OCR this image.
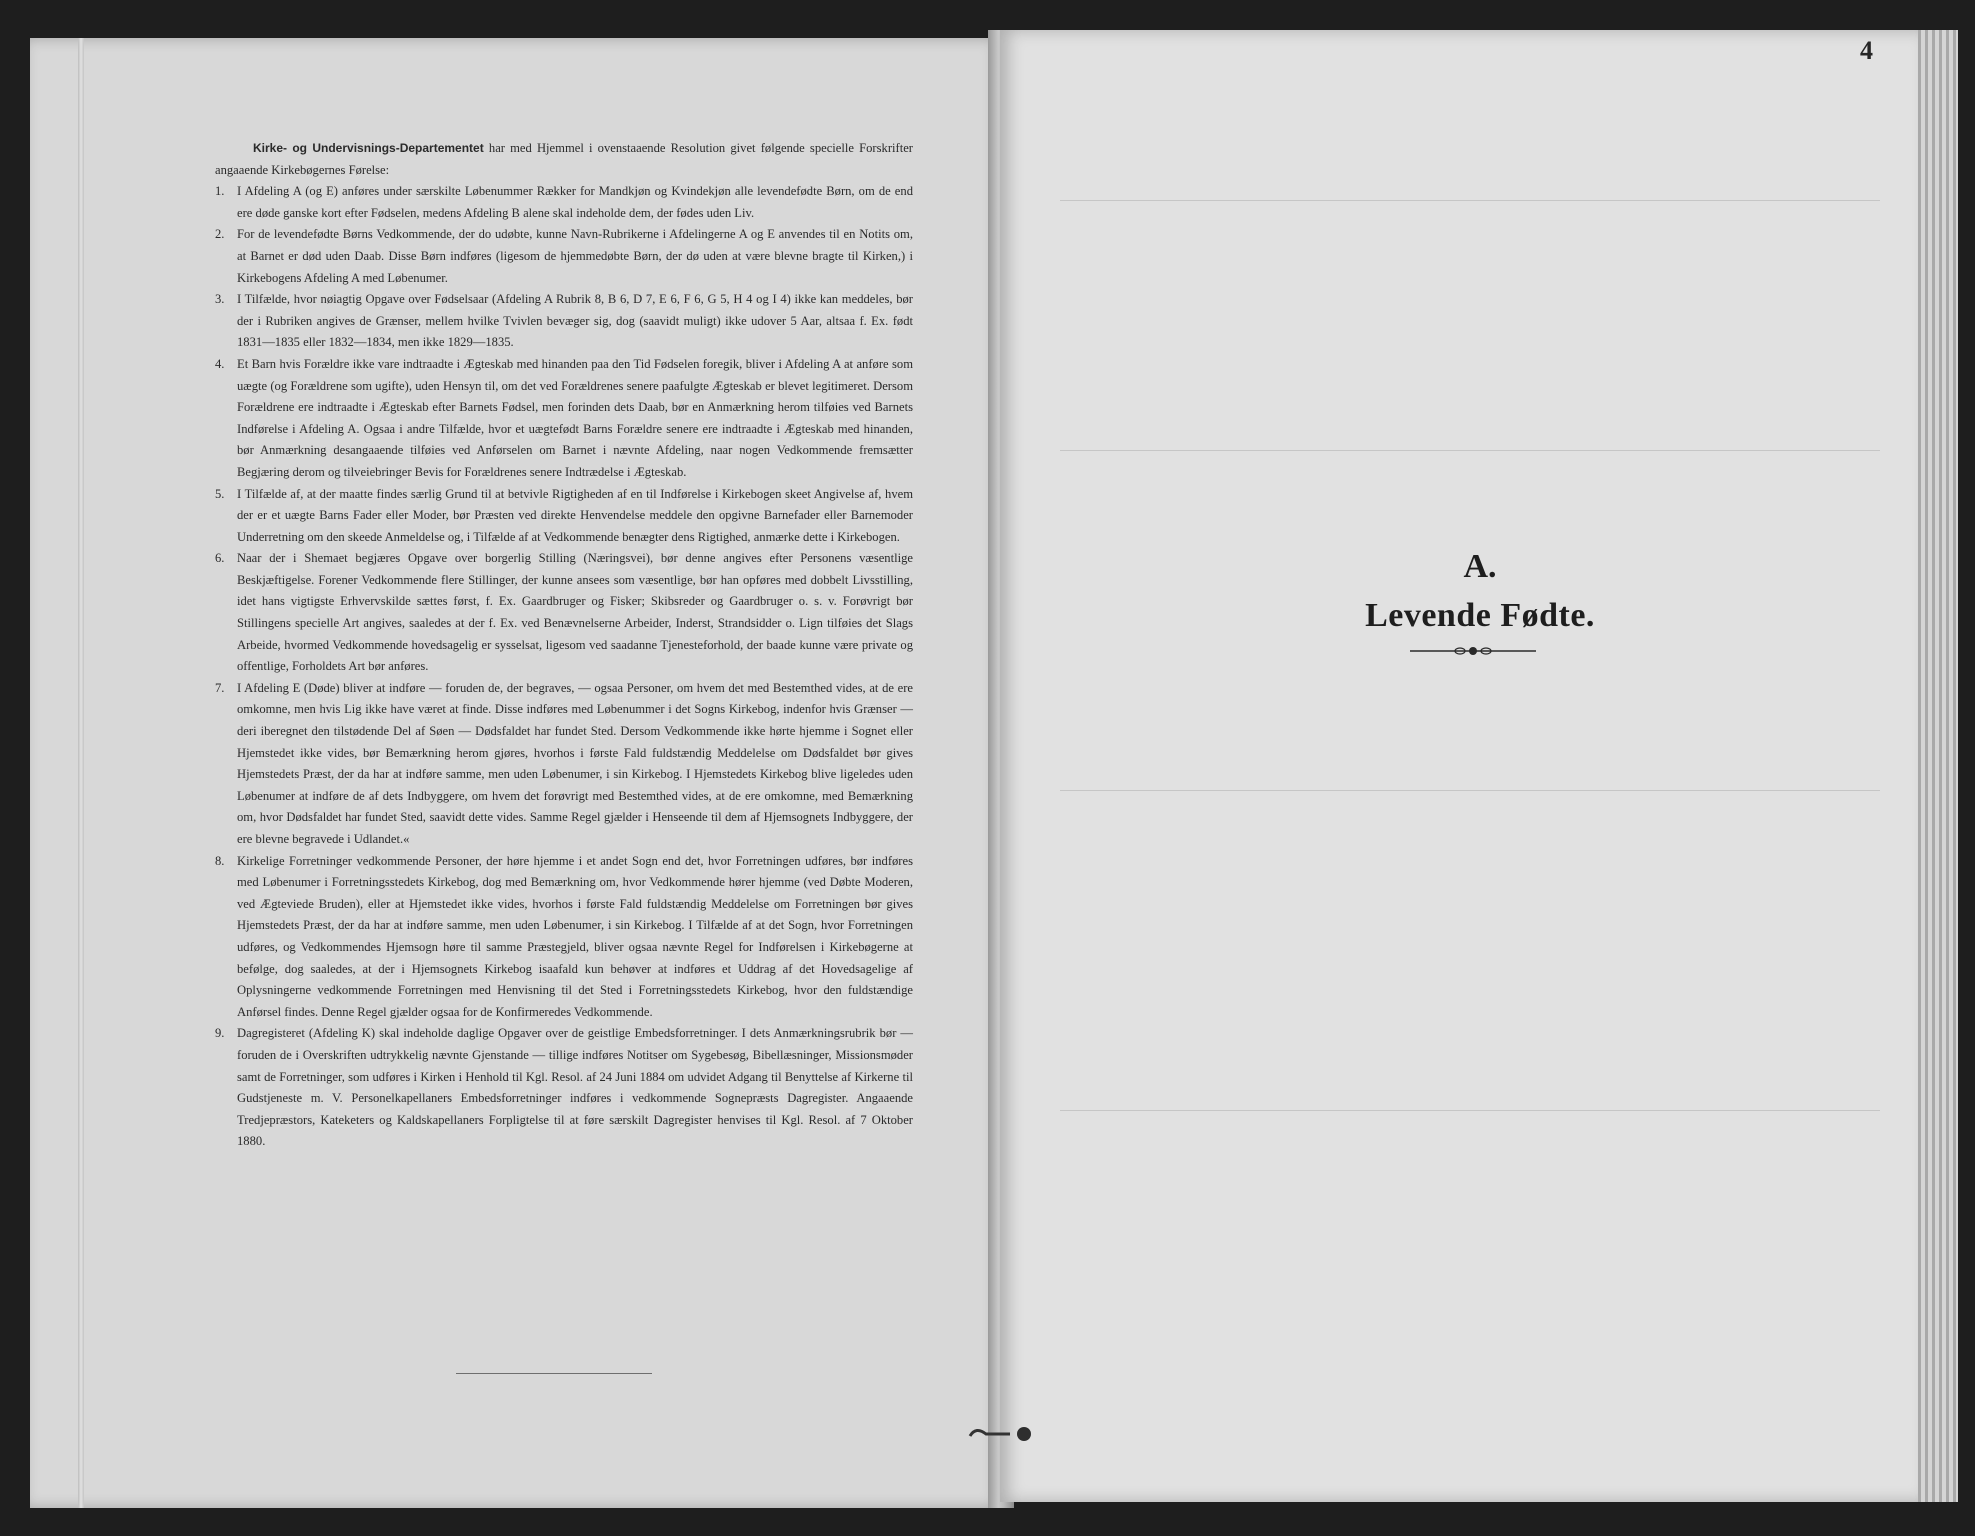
Kirke- og Undervisnings-Departementet har med Hjemmel i ovenstaaende Resolution givet følgende specielle Forskrifter angaaende Kirkebøgernes Førelse:

1. I Afdeling A (og E) anføres under særskilte Løbenummer Rækker for Mandkjøn og Kvindekjøn alle levendefødte Børn, om de end ere døde ganske kort efter Fødselen, medens Afdeling B alene skal indeholde dem, der fødes uden Liv.
2. For de levendefødte Børns Vedkommende, der do udøbte, kunne Navn-Rubrikerne i Afdelingerne A og E anvendes til en Notits om, at Barnet er død uden Daab. Disse Børn indføres (ligesom de hjemmedøbte Børn, der dø uden at være blevne bragte til Kirken,) i Kirkebogens Afdeling A med Løbenumer.
3. I Tilfælde, hvor nøiagtig Opgave over Fødselsaar (Afdeling A Rubrik 8, B 6, D 7, E 6, F 6, G 5, H 4 og I 4) ikke kan meddeles, bør der i Rubriken angives de Grænser, mellem hvilke Tvivlen bevæger sig, dog (saavidt muligt) ikke udover 5 Aar, altsaa f. Ex. født 1831—1835 eller 1832—1834, men ikke 1829—1835.
4. Et Barn hvis Forældre ikke vare indtraadte i Ægteskab med hinanden paa den Tid Fødselen foregik, bliver i Afdeling A at anføre som uægte (og Forældrene som ugifte), uden Hensyn til, om det ved Forældrenes senere paafulgte Ægteskab er blevet legitimeret. Dersom Forældrene ere indtraadte i Ægteskab efter Barnets Fødsel, men forinden dets Daab, bør en Anmærkning herom tilføies ved Barnets Indførelse i Afdeling A. Ogsaa i andre Tilfælde, hvor et uægtefødt Barns Forældre senere ere indtraadte i Ægteskab med hinanden, bør Anmærkning desangaaende tilføies ved Anførselen om Barnet i nævnte Afdeling, naar nogen Vedkommende fremsætter Begjæring derom og tilveiebringer Bevis for Forældrenes senere Indtrædelse i Ægteskab.
5. I Tilfælde af, at der maatte findes særlig Grund til at betvivle Rigtigheden af en til Indførelse i Kirkebogen skeet Angivelse af, hvem der er et uægte Barns Fader eller Moder, bør Præsten ved direkte Henvendelse meddele den opgivne Barnefader eller Barnemoder Underretning om den skeede Anmeldelse og, i Tilfælde af at Vedkommende benægter dens Rigtighed, anmærke dette i Kirkebogen.
6. Naar der i Shemaet begjæres Opgave over borgerlig Stilling (Næringsvei), bør denne angives efter Personens væsentlige Beskjæftigelse. Forener Vedkommende flere Stillinger, der kunne ansees som væsentlige, bør han opføres med dobbelt Livsstilling, idet hans vigtigste Erhvervskilde sættes først, f. Ex. Gaardbruger og Fisker; Skibsreder og Gaardbruger o. s. v. Forøvrigt bør Stillingens specielle Art angives, saaledes at der f. Ex. ved Benævnelserne Arbeider, Inderst, Strandsidder o. Lign tilføies det Slags Arbeide, hvormed Vedkommende hovedsagelig er sysselsat, ligesom ved saadanne Tjenesteforhold, der baade kunne være private og offentlige, Forholdets Art bør anføres.
7. I Afdeling E (Døde) bliver at indføre — foruden de, der begraves, — ogsaa Personer, om hvem det med Bestemthed vides, at de ere omkomne, men hvis Lig ikke have været at finde. Disse indføres med Løbenummer i det Sogns Kirkebog, indenfor hvis Grænser — deri iberegnet den tilstødende Del af Søen — Dødsfaldet har fundet Sted. Dersom Vedkommende ikke hørte hjemme i Sognet eller Hjemstedet ikke vides, bør Bemærkning herom gjøres, hvorhos i første Fald fuldstændig Meddelelse om Dødsfaldet bør gives Hjemstedets Præst, der da har at indføre samme, men uden Løbenumer, i sin Kirkebog. I Hjemstedets Kirkebog blive ligeledes uden Løbenumer at indføre de af dets Indbyggere, om hvem det forøvrigt med Bestemthed vides, at de ere omkomne, med Bemærkning om, hvor Dødsfaldet har fundet Sted, saavidt dette vides. Samme Regel gjælder i Henseende til dem af Hjemsognets Indbyggere, der ere blevne begravede i Udlandet.«
8. Kirkelige Forretninger vedkommende Personer, der høre hjemme i et andet Sogn end det, hvor Forretningen udføres, bør indføres med Løbenumer i Forretningsstedets Kirkebog, dog med Bemærkning om, hvor Vedkommende hører hjemme (ved Døbte Moderen, ved Ægteviede Bruden), eller at Hjemstedet ikke vides, hvorhos i første Fald fuldstændig Meddelelse om Forretningen bør gives Hjemstedets Præst, der da har at indføre samme, men uden Løbenumer, i sin Kirkebog. I Tilfælde af at det Sogn, hvor Forretningen udføres, og Vedkommendes Hjemsogn høre til samme Præstegjeld, bliver ogsaa nævnte Regel for Indførelsen i Kirkebøgerne at befølge, dog saaledes, at der i Hjemsognets Kirkebog isaafald kun behøver at indføres et Uddrag af det Hovedsagelige af Oplysningerne vedkommende Forretningen med Henvisning til det Sted i Forretningsstedets Kirkebog, hvor den fuldstændige Anførsel findes. Denne Regel gjælder ogsaa for de Konfirmeredes Vedkommende.
9. Dagregisteret (Afdeling K) skal indeholde daglige Opgaver over de geistlige Embedsforretninger. I dets Anmærkningsrubrik bør — foruden de i Overskriften udtrykkelig nævnte Gjenstande — tillige indføres Notitser om Sygebesøg, Bibellæsninger, Missionsmøder samt de Forretninger, som udføres i Kirken i Henhold til Kgl. Resol. af 24 Juni 1884 om udvidet Adgang til Benyttelse af Kirkerne til Gudstjeneste m. V. Personelkapellaners Embedsforretninger indføres i vedkommende Sognepræsts Dagregister. Angaaende Tredjepræstors, Kateketers og Kaldskapellaners Forpligtelse til at føre særskilt Dagregister henvises til Kgl. Resol. af 7 Oktober 1880.
4
A.
Levende Fødte.
